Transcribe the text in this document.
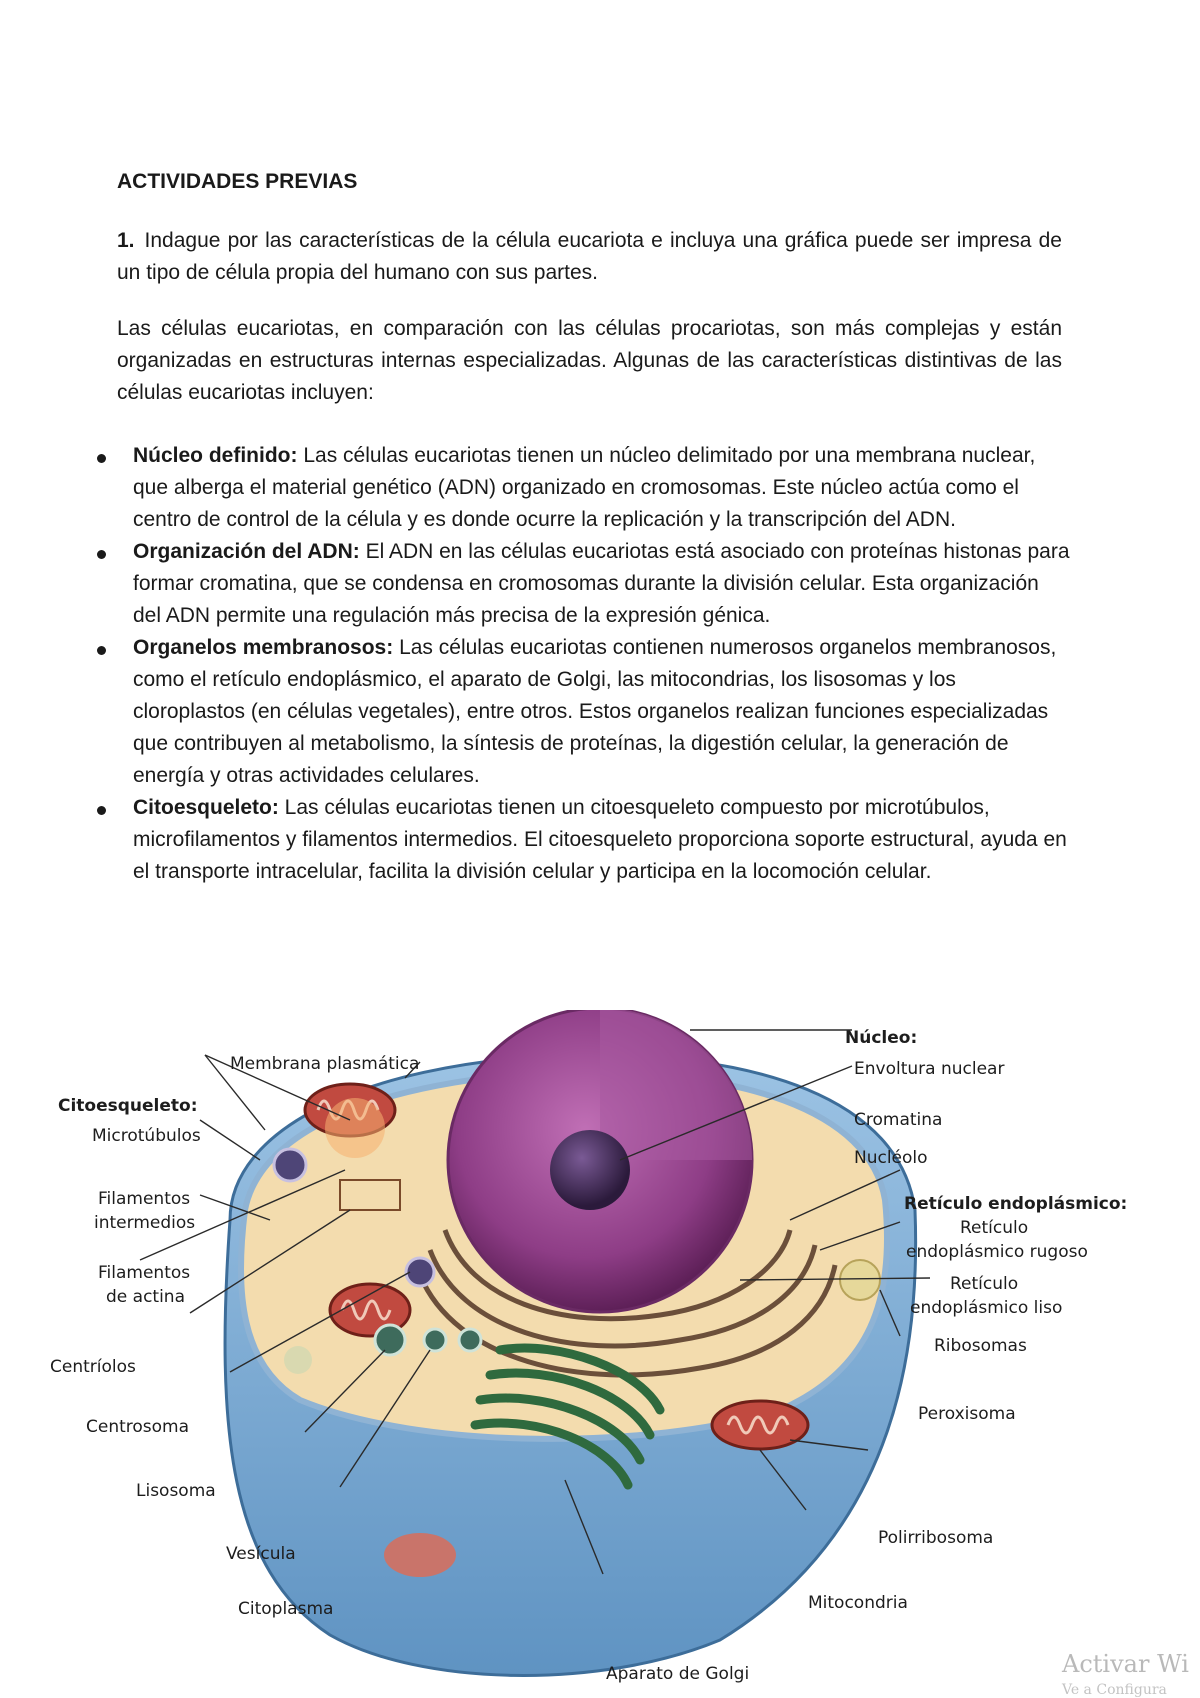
ACTIVIDADES PREVIAS
1. Indague por las características de la célula eucariota e incluya una gráfica puede ser impresa de un tipo de célula propia del humano con sus partes.
Las células eucariotas, en comparación con las células procariotas, son más complejas y están organizadas en estructuras internas especializadas. Algunas de las características distintivas de las células eucariotas incluyen:
Núcleo definido: Las células eucariotas tienen un núcleo delimitado por una membrana nuclear, que alberga el material genético (ADN) organizado en cromosomas. Este núcleo actúa como el centro de control de la célula y es donde ocurre la replicación y la transcripción del ADN.
Organización del ADN: El ADN en las células eucariotas está asociado con proteínas histonas para formar cromatina, que se condensa en cromosomas durante la división celular. Esta organización del ADN permite una regulación más precisa de la expresión génica.
Organelos membranosos: Las células eucariotas contienen numerosos organelos membranosos, como el retículo endoplásmico, el aparato de Golgi, las mitocondrias, los lisosomas y los cloroplastos (en células vegetales), entre otros. Estos organelos realizan funciones especializadas que contribuyen al metabolismo, la síntesis de proteínas, la digestión celular, la generación de energía y otras actividades celulares.
Citoesqueleto: Las células eucariotas tienen un citoesqueleto compuesto por microtúbulos, microfilamentos y filamentos intermedios. El citoesqueleto proporciona soporte estructural, ayuda en el transporte intracelular, facilita la división celular y participa en la locomoción celular.
Membrana plasmática
Citoesqueleto:
Microtúbulos
Filamentos
intermedios
Filamentos
de actina
Centríolos
Centrosoma
Lisosoma
Vesícula
Citoplasma
Núcleo:
Envoltura nuclear
Cromatina
Nucléolo
Retículo endoplásmico:
Retículo
endoplásmico rugoso
Retículo
endoplásmico liso
Ribosomas
Peroxisoma
Polirribosoma
Mitocondria
Aparato de Golgi	Activar Wi
Ve a Configura
